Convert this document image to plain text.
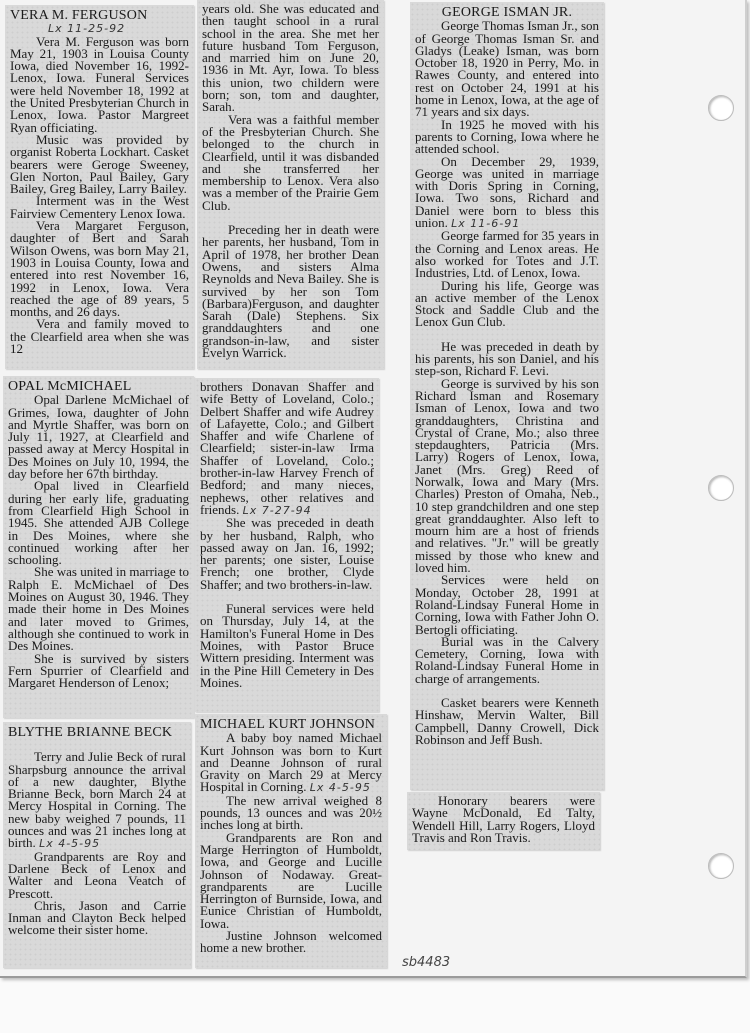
VERA M. FERGUSON
Lx 11-25-92

Vera M. Ferguson was born May 21, 1903 in Louisa County Iowa, died November 16, 1992-Lenox, Iowa. Funeral Services were held November 18, 1992 at the United Presbyterian Church in Lenox, Iowa. Pastor Margreet Ryan officiating.

Music was provided by organist Roberta Lockhart. Casket bearers were Geroge Sweeney, Glen Norton, Paul Bailey, Gary Bailey, Greg Bailey, Larry Bailey.

Interment was in the West Fairview Cementery Lenox Iowa.

Vera Margaret Ferguson, daughter of Bert and Sarah Wilson Owens, was born May 21, 1903 in Louisa County, Iowa and entered into rest November 16, 1992 in Lenox, Iowa. Vera reached the age of 89 years, 5 months, and 26 days.

Vera and family moved to the Clearfield area when she was 12

years old. She was educated and then taught school in a rural school in the area. She met her future husband Tom Ferguson, and married him on June 20, 1936 in Mt. Ayr, Iowa. To bless this union, two childern were born; son, tom and daughter, Sarah.

Vera was a faithful member of the Presbyterian Church. She belonged to the church in Clearfield, until it was disbanded and she transferred her membership to Lenox. Vera also was a member of the Prairie Gem Club.

Preceding her in death were her parents, her husband, Tom in April of 1978, her brother Dean Owens, and sisters Alma Reynolds and Neva Bailey. She is survived by her son Tom (Barbara)Ferguson, and daughter Sarah (Dale) Stephens. Six granddaughters and one grandson-in-law, and sister Evelyn Warrick.

OPAL McMICHAEL

Opal Darlene McMichael of Grimes, Iowa, daughter of John and Myrtle Shaffer, was born on July 11, 1927, at Clearfield and passed away at Mercy Hospital in Des Moines on July 10, 1994, the day before her 67th birthday.

Opal lived in Clearfield during her early life, graduating from Clearfield High School in 1945. She attended AJB College in Des Moines, where she continued working after her schooling.

She was united in marriage to Ralph E. McMichael of Des Moines on August 30, 1946. They made their home in Des Moines and later moved to Grimes, although she continued to work in Des Moines.

She is survived by sisters Fern Spurrier of Clearfield and Margaret Henderson of Lenox;

brothers Donavan Shaffer and wife Betty of Loveland, Colo.; Delbert Shaffer and wife Audrey of Lafayette, Colo.; and Gilbert Shaffer and wife Charlene of Clearfield; sister-in-law Irma Shaffer of Loveland, Colo.; brother-in-law Harvey French of Bedford; and many nieces, nephews, other relatives and friends. Lx 7-27-94

She was preceded in death by her husband, Ralph, who passed away on Jan. 16, 1992; her parents; one sister, Louise French; one brother, Clyde Shaffer; and two brothers-in-law.

Funeral services were held on Thursday, July 14, at the Hamilton's Funeral Home in Des Moines, with Pastor Bruce Wittern presiding. Interment was in the Pine Hill Cemetery in Des Moines.

BLYTHE BRIANNE BECK

Terry and Julie Beck of rural Sharpsburg announce the arrival of a new daughter, Blythe Brianne Beck, born March 24 at Mercy Hospital in Corning. The new baby weighed 7 pounds, 11 ounces and was 21 inches long at birth. Lx 4-5-95

Grandparents are Roy and Darlene Beck of Lenox and Walter and Leona Veatch of Prescott.

Chris, Jason and Carrie Inman and Clayton Beck helped welcome their sister home.

MICHAEL KURT JOHNSON

A baby boy named Michael Kurt Johnson was born to Kurt and Deanne Johnson of rural Gravity on March 29 at Mercy Hospital in Corning. Lx 4-5-95

The new arrival weighed 8 pounds, 13 ounces and was 20½ inches long at birth.

Grandparents are Ron and Marge Herrington of Humboldt, Iowa, and George and Lucille Johnson of Nodaway. Great-grandparents are Lucille Herrington of Burnside, Iowa, and Eunice Christian of Humboldt, Iowa.

Justine Johnson welcomed home a new brother.

GEORGE ISMAN JR.

George Thomas Isman Jr., son of George Thomas Isman Sr. and Gladys (Leake) Isman, was born October 18, 1920 in Perry, Mo. in Rawes County, and entered into rest on October 24, 1991 at his home in Lenox, Iowa, at the age of 71 years and six days.

In 1925 he moved with his parents to Corning, Iowa where he attended school.

On December 29, 1939, George was united in marriage with Doris Spring in Corning, Iowa. Two sons, Richard and Daniel were born to bless this union. Lx 11-6-91

George farmed for 35 years in the Corning and Lenox areas. He also worked for Totes and J.T. Industries, Ltd. of Lenox, Iowa.

During his life, George was an active member of the Lenox Stock and Saddle Club and the Lenox Gun Club.

He was preceded in death by his parents, his son Daniel, and his step-son, Richard F. Levi.

George is survived by his son Richard Isman and Rosemary Isman of Lenox, Iowa and two granddaughters, Christina and Crystal of Crane, Mo.; also three stepdaughters, Patricia (Mrs. Larry) Rogers of Lenox, Iowa, Janet (Mrs. Greg) Reed of Norwalk, Iowa and Mary (Mrs. Charles) Preston of Omaha, Neb., 10 step grandchildren and one step great granddaughter. Also left to mourn him are a host of friends and relatives. "Jr." will be greatly missed by those who knew and loved him.

Services were held on Monday, October 28, 1991 at Roland-Lindsay Funeral Home in Corning, Iowa with Father John O. Bertogli officiating.

Burial was in the Calvery Cemetery, Corning, Iowa with Roland-Lindsay Funeral Home in charge of arrangements.

Casket bearers were Kenneth Hinshaw, Mervin Walter, Bill Campbell, Danny Crowell, Dick Robinson and Jeff Bush.

Honorary bearers were Wayne McDonald, Ed Talty, Wendell Hill, Larry Rogers, Lloyd Travis and Ron Travis.

sb4483
